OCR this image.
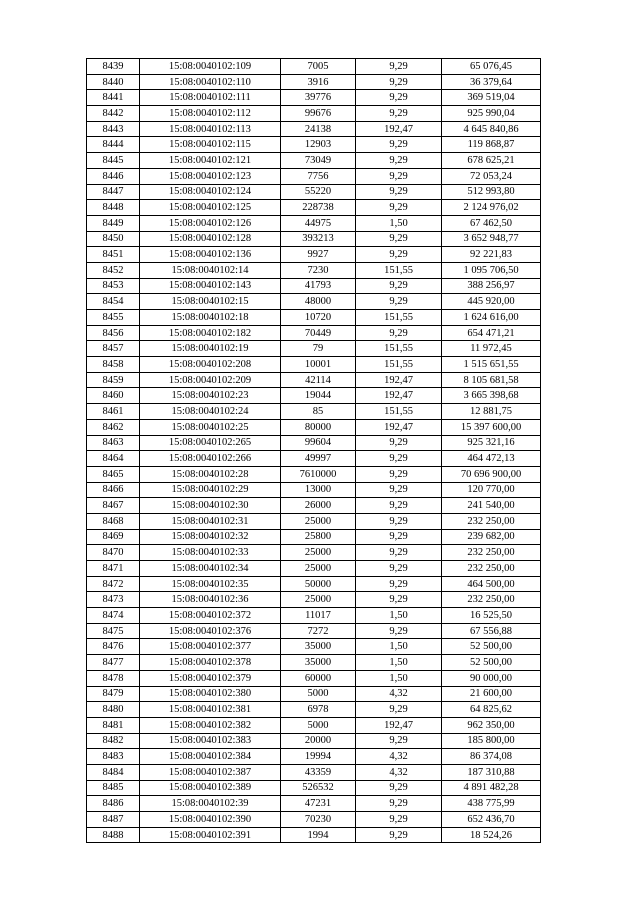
8439	15:08:0040102:109	7005	9,29	65 076,45
8440	15:08:0040102:110	3916	9,29	36 379,64
8441	15:08:0040102:111	39776	9,29	369 519,04
8442	15:08:0040102:112	99676	9,29	925 990,04
8443	15:08:0040102:113	24138	192,47	4 645 840,86
8444	15:08:0040102:115	12903	9,29	119 868,87
8445	15:08:0040102:121	73049	9,29	678 625,21
8446	15:08:0040102:123	7756	9,29	72 053,24
8447	15:08:0040102:124	55220	9,29	512 993,80
8448	15:08:0040102:125	228738	9,29	2 124 976,02
8449	15:08:0040102:126	44975	1,50	67 462,50
8450	15:08:0040102:128	393213	9,29	3 652 948,77
8451	15:08:0040102:136	9927	9,29	92 221,83
8452	15:08:0040102:14	7230	151,55	1 095 706,50
8453	15:08:0040102:143	41793	9,29	388 256,97
8454	15:08:0040102:15	48000	9,29	445 920,00
8455	15:08:0040102:18	10720	151,55	1 624 616,00
8456	15:08:0040102:182	70449	9,29	654 471,21
8457	15:08:0040102:19	79	151,55	11 972,45
8458	15:08:0040102:208	10001	151,55	1 515 651,55
8459	15:08:0040102:209	42114	192,47	8 105 681,58
8460	15:08:0040102:23	19044	192,47	3 665 398,68
8461	15:08:0040102:24	85	151,55	12 881,75
8462	15:08:0040102:25	80000	192,47	15 397 600,00
8463	15:08:0040102:265	99604	9,29	925 321,16
8464	15:08:0040102:266	49997	9,29	464 472,13
8465	15:08:0040102:28	7610000	9,29	70 696 900,00
8466	15:08:0040102:29	13000	9,29	120 770,00
8467	15:08:0040102:30	26000	9,29	241 540,00
8468	15:08:0040102:31	25000	9,29	232 250,00
8469	15:08:0040102:32	25800	9,29	239 682,00
8470	15:08:0040102:33	25000	9,29	232 250,00
8471	15:08:0040102:34	25000	9,29	232 250,00
8472	15:08:0040102:35	50000	9,29	464 500,00
8473	15:08:0040102:36	25000	9,29	232 250,00
8474	15:08:0040102:372	11017	1,50	16 525,50
8475	15:08:0040102:376	7272	9,29	67 556,88
8476	15:08:0040102:377	35000	1,50	52 500,00
8477	15:08:0040102:378	35000	1,50	52 500,00
8478	15:08:0040102:379	60000	1,50	90 000,00
8479	15:08:0040102:380	5000	4,32	21 600,00
8480	15:08:0040102:381	6978	9,29	64 825,62
8481	15:08:0040102:382	5000	192,47	962 350,00
8482	15:08:0040102:383	20000	9,29	185 800,00
8483	15:08:0040102:384	19994	4,32	86 374,08
8484	15:08:0040102:387	43359	4,32	187 310,88
8485	15:08:0040102:389	526532	9,29	4 891 482,28
8486	15:08:0040102:39	47231	9,29	438 775,99
8487	15:08:0040102:390	70230	9,29	652 436,70
8488	15:08:0040102:391	1994	9,29	18 524,26
